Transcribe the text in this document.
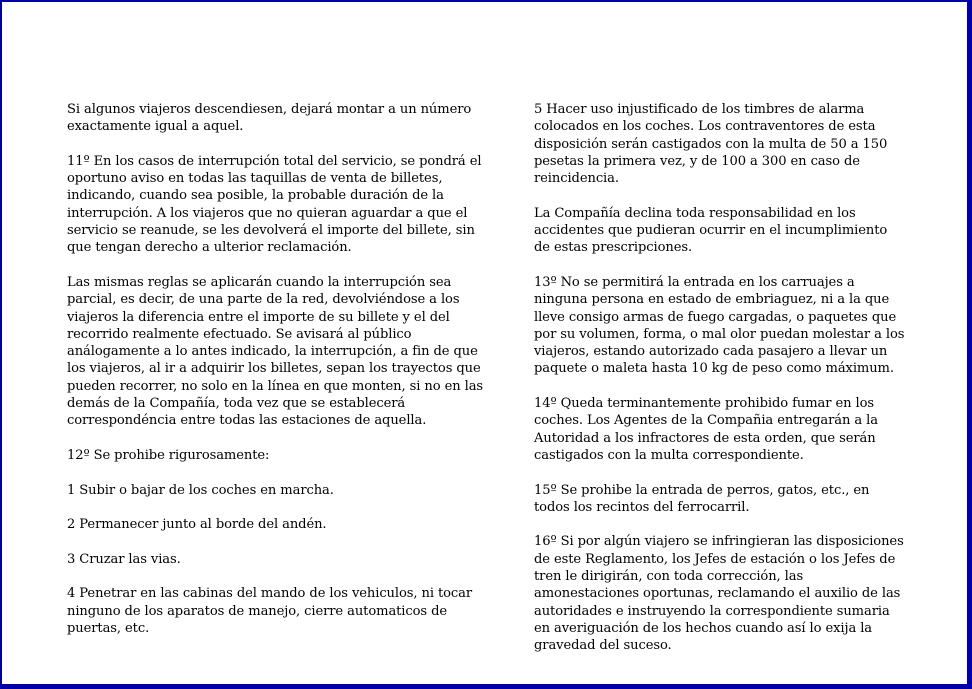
Si algunos viajeros descendiesen, dejará montar a un número exactamente igual a aquel.

11º En los casos de interrupción total del servicio, se pondrá el oportuno aviso en todas las taquillas de venta de billetes, indicando, cuando sea posible, la probable duración de la interrupción. A los viajeros que no quieran aguardar a que el servicio se reanude, se les devolverá el importe del billete, sin que tengan derecho a ulterior reclamación.

Las mismas reglas se aplicarán cuando la interrupción sea parcial, es decir, de una parte de la red, devolviéndose a los viajeros la diferencia entre el importe de su billete y el del recorrido realmente efectuado. Se avisará al público análogamente a lo antes indicado, la interrupción, a fin de que los viajeros, al ir a adquirir los billetes, sepan los trayectos que pueden recorrer, no solo en la línea en que monten, si no en las demás de la Compañía, toda vez que se establecerá correspondéncia entre todas las estaciones de aquella.

12º Se prohibe rigurosamente:

1 Subir o bajar de los coches en marcha.

2 Permanecer junto al borde del andén.

3 Cruzar las vias.

4 Penetrar en las cabinas del mando de los vehiculos, ni tocar ninguno de los aparatos de manejo, cierre automaticos de puertas, etc.

5 Hacer uso injustificado de los timbres de alarma colocados en los coches. Los contraventores de esta disposición serán castigados con la multa de 50 a 150 pesetas la primera vez, y de 100 a 300 en caso de reincidencia.

La Compañía declina toda responsabilidad en los accidentes que pudieran ocurrir en el incumplimiento de estas prescripciones.

13º No se permitirá la entrada en los carruajes a ninguna persona en estado de embriaguez, ni a la que lleve consigo armas de fuego cargadas, o paquetes que por su volumen, forma, o mal olor puedan molestar a los viajeros, estando autorizado cada pasajero a llevar un paquete o maleta hasta 10 kg de peso como máximum.

14º Queda terminantemente prohibido fumar en los coches. Los Agentes de la Compañia entregarán a la Autoridad a los infractores de esta orden, que serán castigados con la multa correspondiente.

15º Se prohibe la entrada de perros, gatos, etc., en todos los recintos del ferrocarril.

16º Si por algún viajero se infringieran las disposiciones de este Reglamento, los Jefes de estación o los Jefes de tren le dirigirán, con toda corrección, las amonestaciones oportunas, reclamando el auxilio de las autoridades e instruyendo la correspondiente sumaria en averiguación de los hechos cuando así lo exija la gravedad del suceso.
